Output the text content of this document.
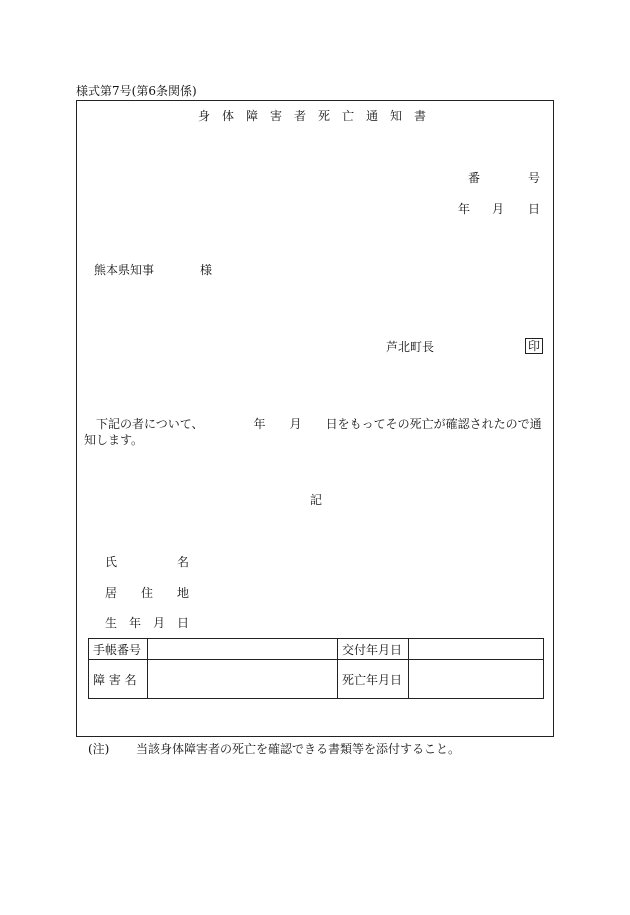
様式第7号(第6条関係)
身体障害者死亡通知書
番	号
年 月 日
熊本県知事	様
芦北町長	印
下記の者について、	年 月 日をもってその死亡が確認されたので通知します。
記
氏	名
居 住 地
生 年 月 日
手帳番号		交付年月日	
障 害 名		死亡年月日	
(注) 当該身体障害者の死亡を確認できる書類等を添付すること。
